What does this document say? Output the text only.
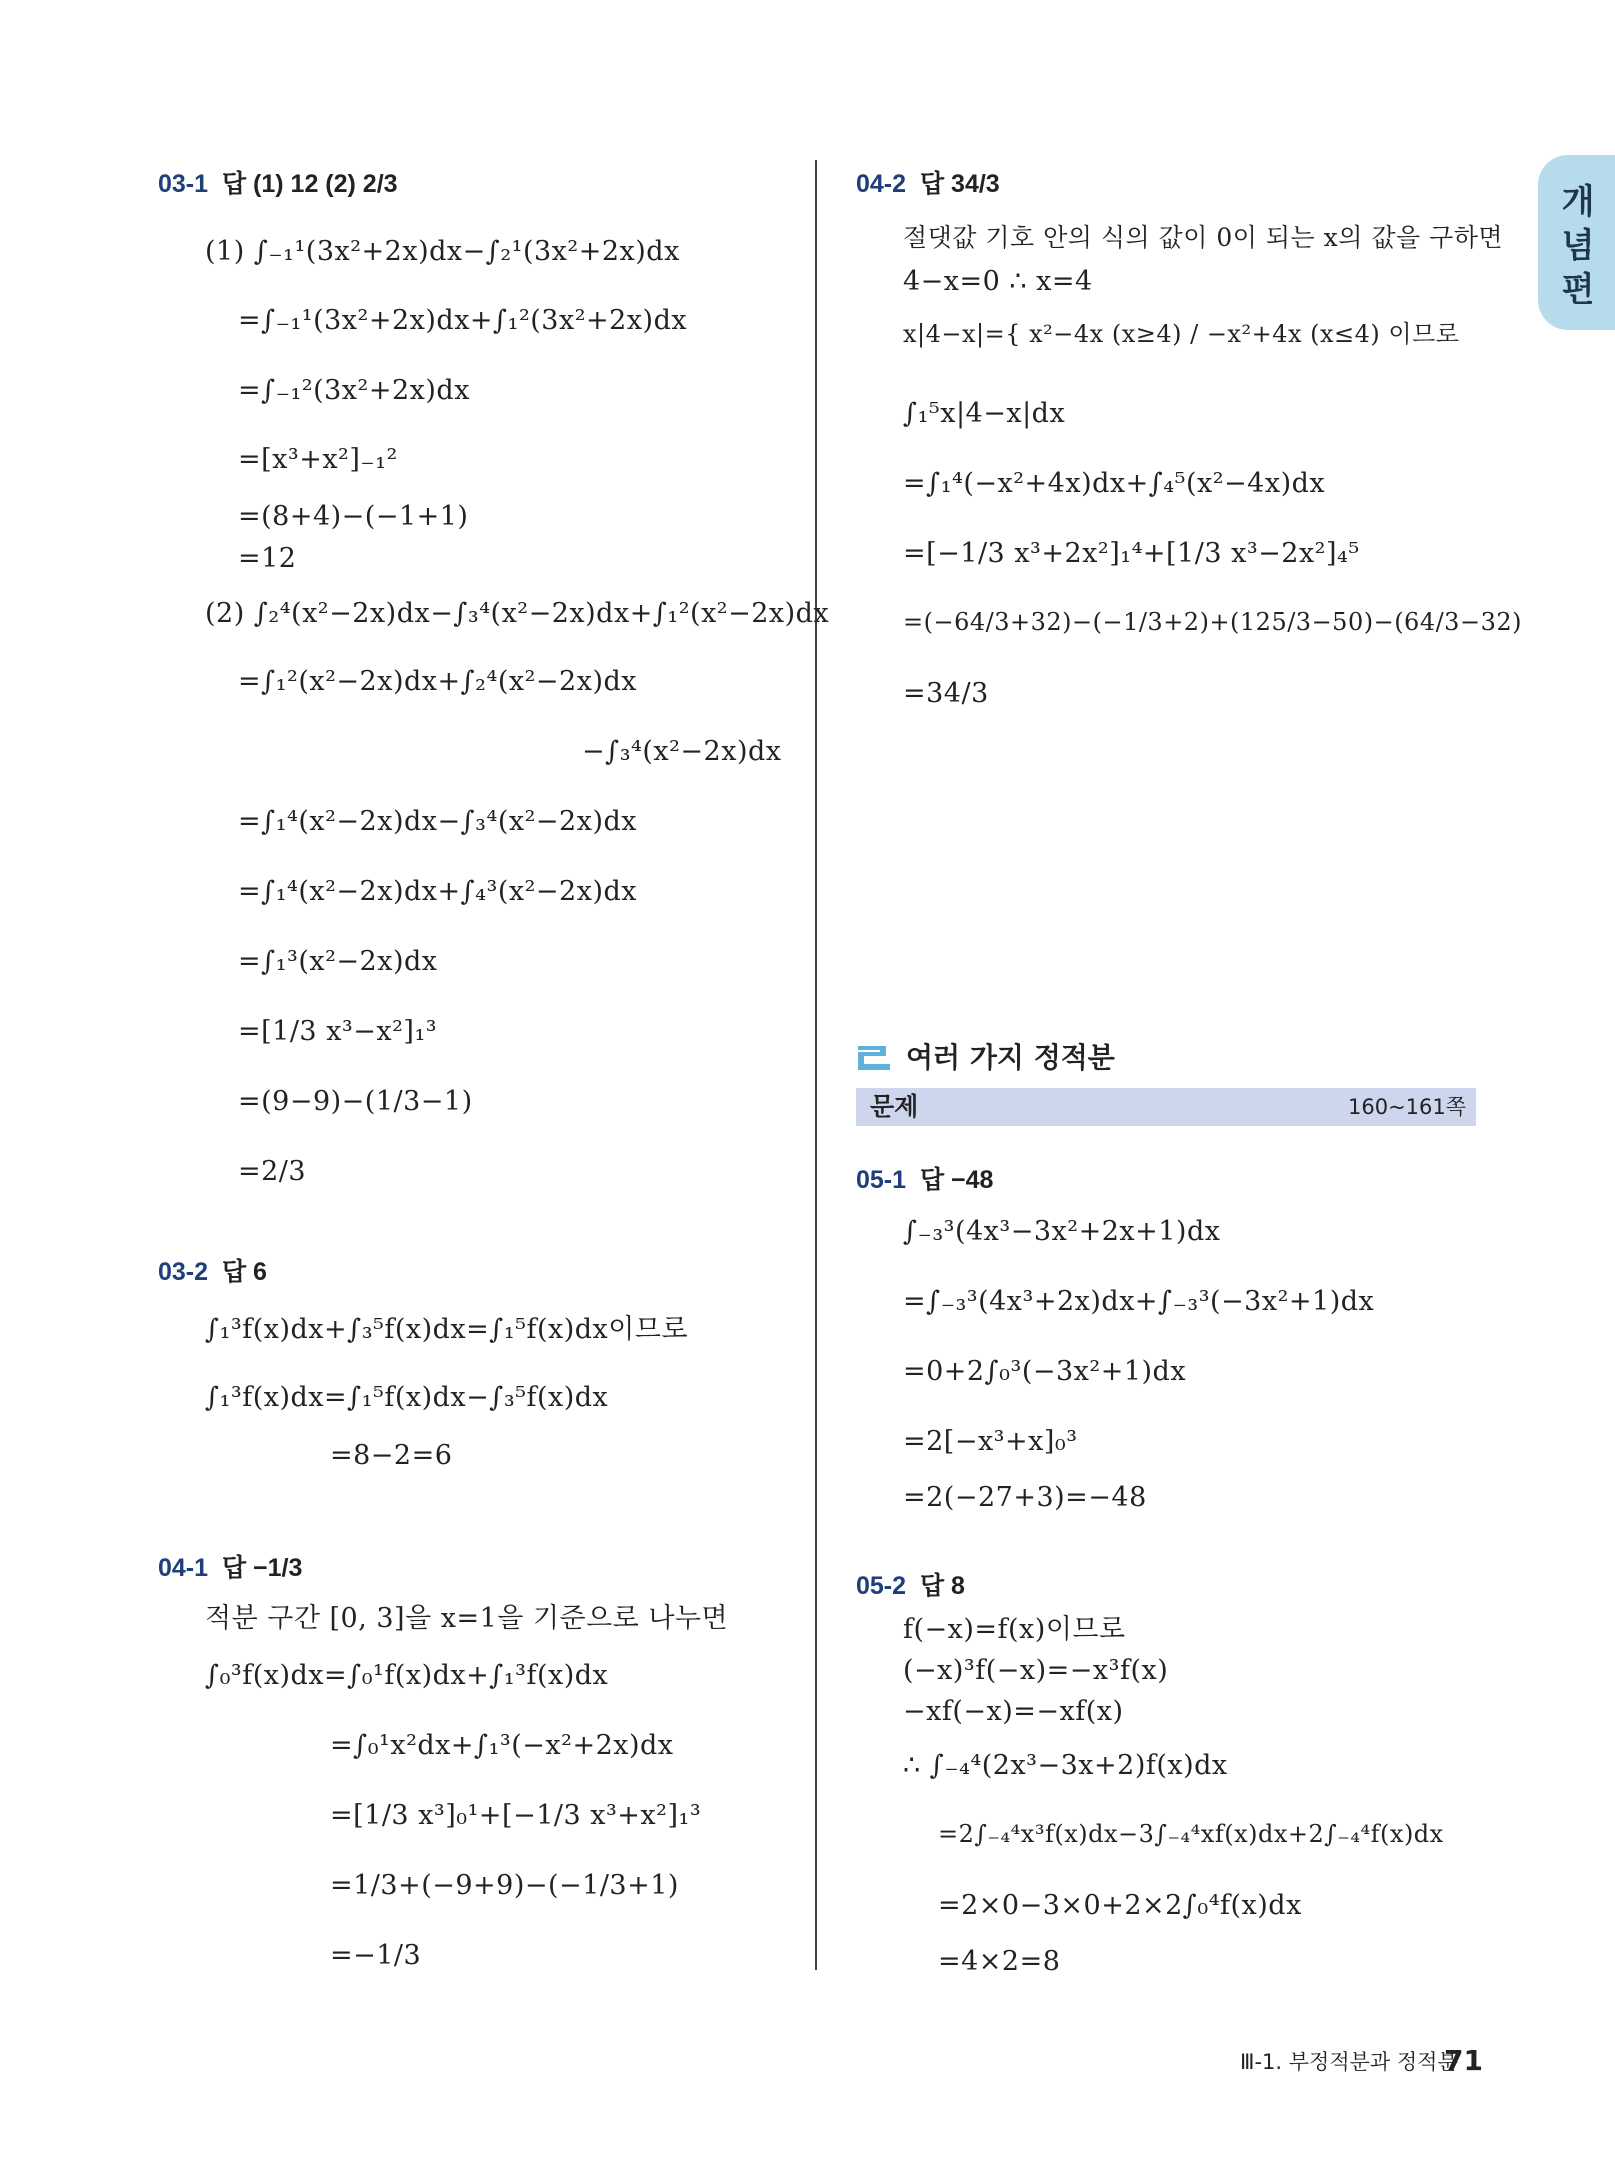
개념편
03-1 답 (1) 12 (2) 2/3
(1) ∫₋₁¹(3x²+2x)dx−∫₂¹(3x²+2x)dx
=∫₋₁¹(3x²+2x)dx+∫₁²(3x²+2x)dx
=∫₋₁²(3x²+2x)dx
=[x³+x²]₋₁²
=(8+4)−(−1+1)
=12
(2) ∫₂⁴(x²−2x)dx−∫₃⁴(x²−2x)dx+∫₁²(x²−2x)dx
=∫₁²(x²−2x)dx+∫₂⁴(x²−2x)dx
−∫₃⁴(x²−2x)dx
=∫₁⁴(x²−2x)dx−∫₃⁴(x²−2x)dx
=∫₁⁴(x²−2x)dx+∫₄³(x²−2x)dx
=∫₁³(x²−2x)dx
=[1/3 x³−x²]₁³
=(9−9)−(1/3−1)
=2/3
03-2 답 6
∫₁³f(x)dx+∫₃⁵f(x)dx=∫₁⁵f(x)dx이므로
∫₁³f(x)dx=∫₁⁵f(x)dx−∫₃⁵f(x)dx
=8−2=6
04-1 답 −1/3
적분 구간 [0, 3]을 x=1을 기준으로 나누면
∫₀³f(x)dx=∫₀¹f(x)dx+∫₁³f(x)dx
=∫₀¹x²dx+∫₁³(−x²+2x)dx
=[1/3 x³]₀¹+[−1/3 x³+x²]₁³
=1/3+(−9+9)−(−1/3+1)
=−1/3
04-2 답 34/3
절댓값 기호 안의 식의 값이 0이 되는 x의 값을 구하면
4−x=0 ∴ x=4
x|4−x|={ x²−4x (x≥4) / −x²+4x (x≤4) 이므로
∫₁⁵x|4−x|dx
=∫₁⁴(−x²+4x)dx+∫₄⁵(x²−4x)dx
=[−1/3 x³+2x²]₁⁴+[1/3 x³−2x²]₄⁵
=(−64/3+32)−(−1/3+2)+(125/3−50)−(64/3−32)
=34/3
여러 가지 정적분
문제	160~161쪽
05-1 답 −48
∫₋₃³(4x³−3x²+2x+1)dx
=∫₋₃³(4x³+2x)dx+∫₋₃³(−3x²+1)dx
=0+2∫₀³(−3x²+1)dx
=2[−x³+x]₀³
=2(−27+3)=−48
05-2 답 8
f(−x)=f(x)이므로
(−x)³f(−x)=−x³f(x)
−xf(−x)=−xf(x)
∴ ∫₋₄⁴(2x³−3x+2)f(x)dx
=2∫₋₄⁴x³f(x)dx−3∫₋₄⁴xf(x)dx+2∫₋₄⁴f(x)dx
=2×0−3×0+2×2∫₀⁴f(x)dx
=4×2=8
Ⅲ-1. 부정적분과 정적분
71
